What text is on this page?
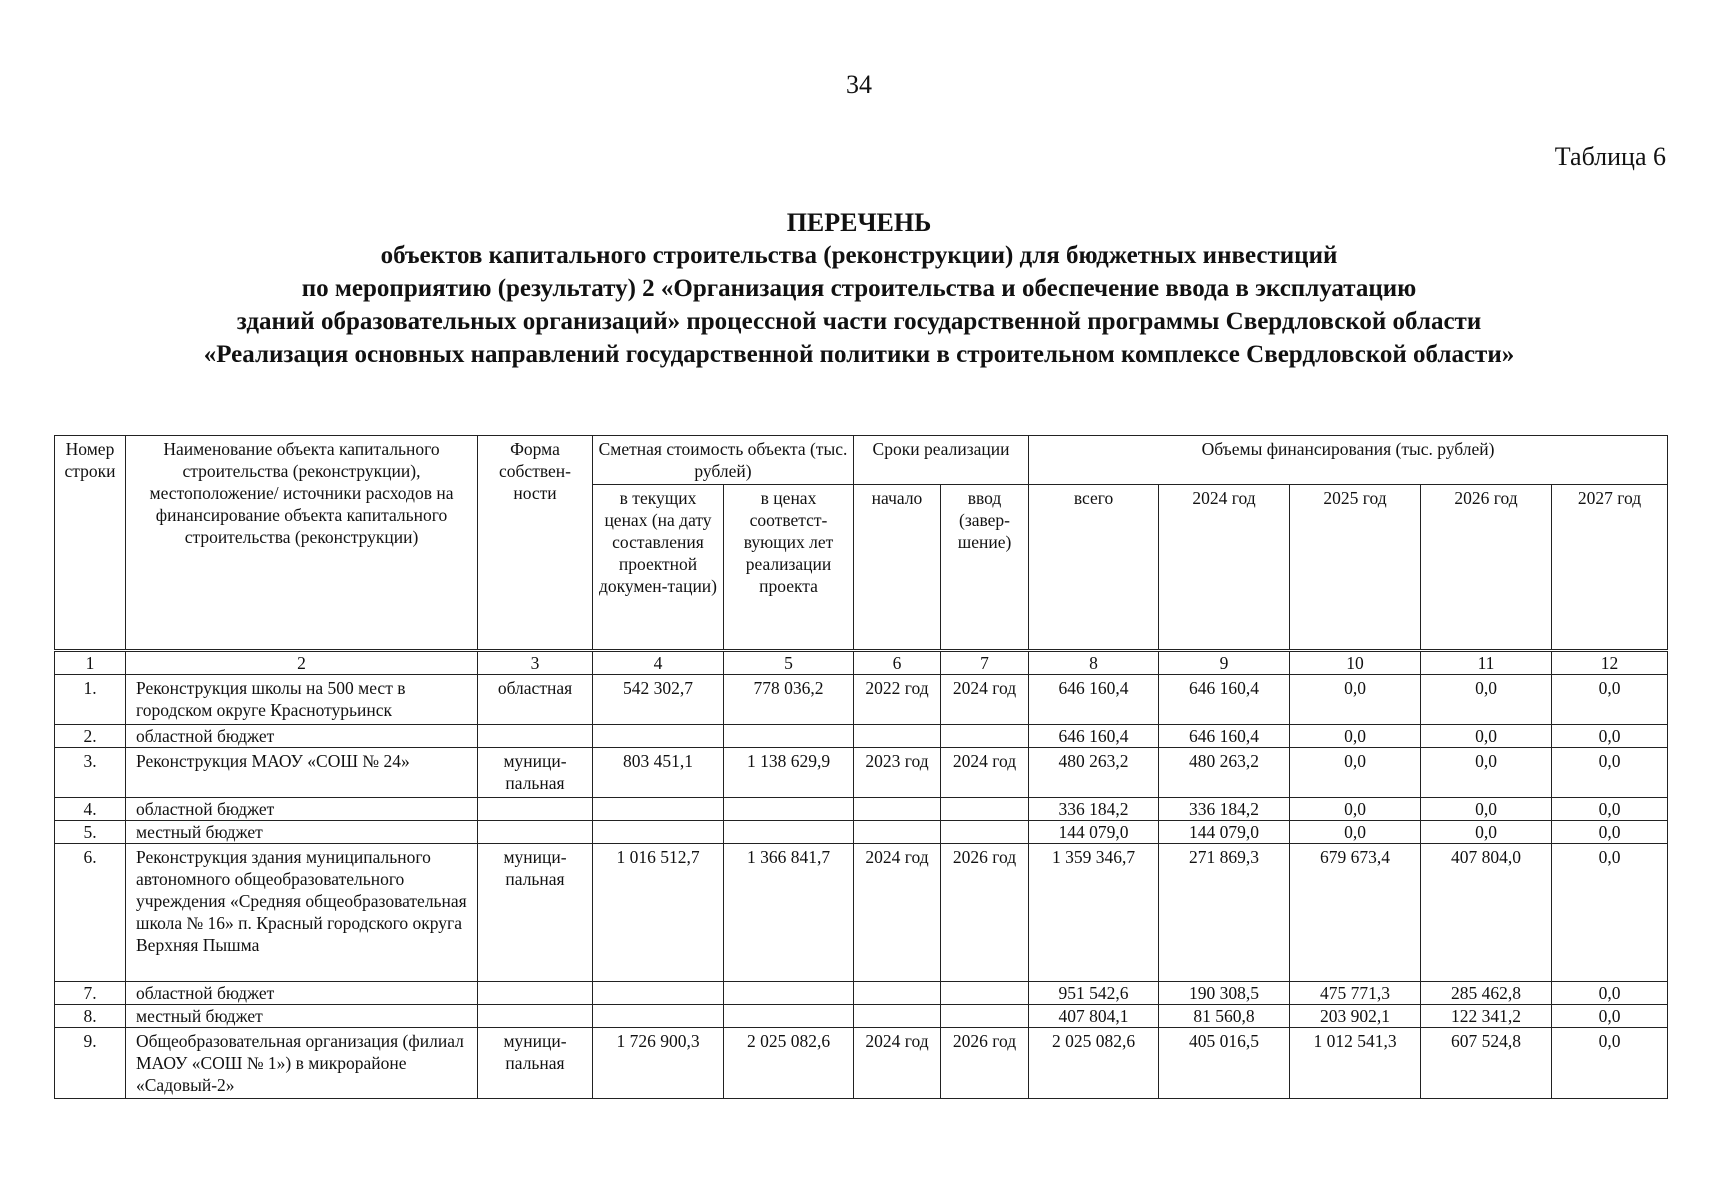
34
Таблица 6
ПЕРЕЧЕНЬ
объектов капитального строительства (реконструкции) для бюджетных инвестиций
по мероприятию (результату) 2 «Организация строительства и обеспечение ввода в эксплуатацию
зданий образовательных организаций» процессной части государственной программы Свердловской области
«Реализация основных направлений государственной политики в строительном комплексе Свердловской области»
Номер строки	Наименование объекта капитального строительства (реконструкции), местоположение/ источники расходов на финансирование объекта капитального строительства (реконструкции)	Форма собствен-ности	Сметная стоимость объекта (тыс. рублей)		Сроки реализации		Объемы финансирования (тыс. рублей)				
			в текущих ценах (на дату составления проектной докумен-тации)	в ценах соответст-вующих лет реализации проекта	начало	ввод (завер-шение)	всего	2024 год	2025 год	2026 год	2027 год
1	2	3	4	5	6	7	8	9	10	11	12
1.	Реконструкция школы на 500 мест в городском округе Краснотурьинск	областная	542 302,7	778 036,2	2022 год	2024 год	646 160,4	646 160,4	0,0	0,0	0,0
2.	областной бюджет						646 160,4	646 160,4	0,0	0,0	0,0
3.	Реконструкция МАОУ «СОШ № 24»	муници-пальная	803 451,1	1 138 629,9	2023 год	2024 год	480 263,2	480 263,2	0,0	0,0	0,0
4.	областной бюджет						336 184,2	336 184,2	0,0	0,0	0,0
5.	местный бюджет						144 079,0	144 079,0	0,0	0,0	0,0
6.	Реконструкция здания муниципального автономного общеобразовательного учреждения «Средняя общеобразовательная школа № 16» п. Красный городского округа Верхняя Пышма	муници-пальная	1 016 512,7	1 366 841,7	2024 год	2026 год	1 359 346,7	271 869,3	679 673,4	407 804,0	0,0
7.	областной бюджет						951 542,6	190 308,5	475 771,3	285 462,8	0,0
8.	местный бюджет						407 804,1	81 560,8	203 902,1	122 341,2	0,0
9.	Общеобразовательная организация (филиал МАОУ «СОШ № 1») в микрорайоне «Садовый-2»	муници-пальная	1 726 900,3	2 025 082,6	2024 год	2026 год	2 025 082,6	405 016,5	1 012 541,3	607 524,8	0,0
